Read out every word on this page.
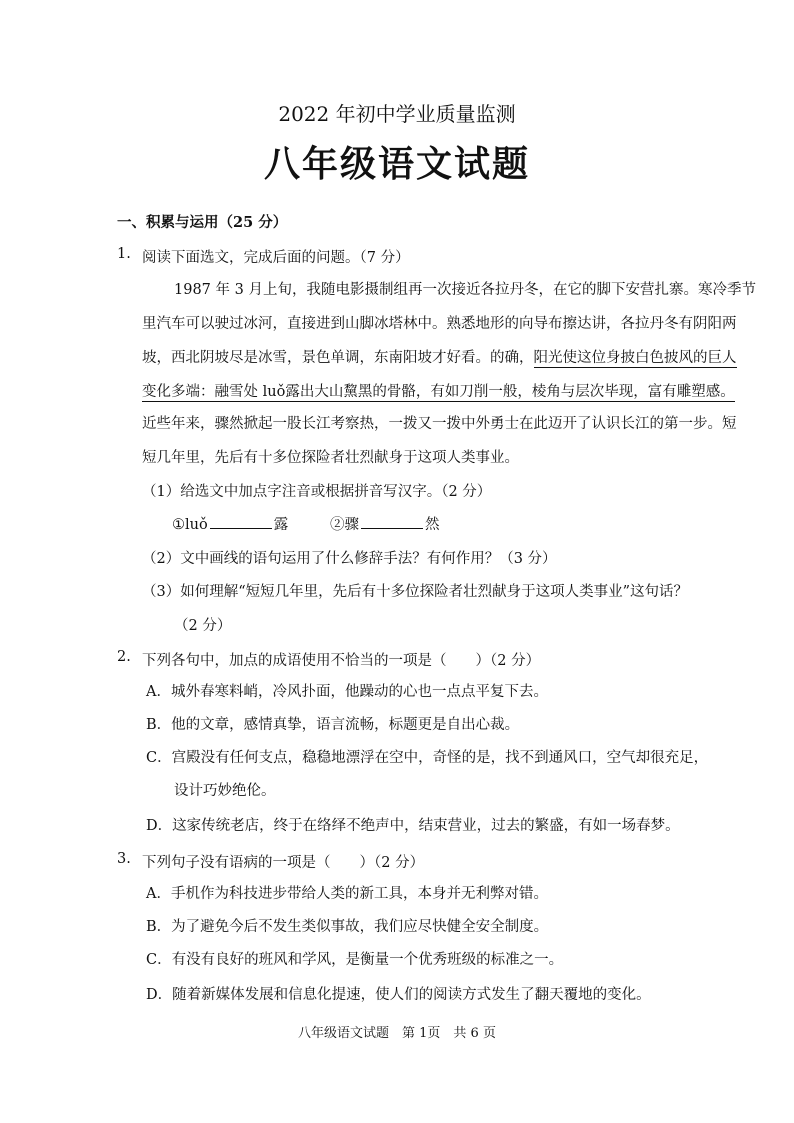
2022 年初中学业质量监测
八年级语文试题
一、积累与运用（25 分）
1. 阅读下面选文，完成后面的问题。（7 分）
1987 年 3 月上旬，我随电影摄制组再一次接近各拉丹冬，在它的脚下安营扎寨。寒冷季节
里汽车可以驶过冰河，直接进到山脚冰塔林中。熟悉地形的向导布擦达讲，各拉丹冬有阴阳两
坡，西北阴坡尽是冰雪，景色单调，东南阳坡才好看。的确，阳光使这位身披白色披风的巨人
变化多端：融雪处 luǒ露出大山黧黑的骨骼，有如刀削一般，棱角与层次毕现，富有雕塑感。
近些年来，骤然掀起一股长江考察热，一拨又一拨中外勇士在此迈开了认识长江的第一步。短
短几年里，先后有十多位探险者壮烈献身于这项人类事业。
（1）给选文中加点字注音或根据拼音写汉字。（2 分）
①luǒ	露	②骤	然
（2）文中画线的语句运用了什么修辞手法？有何作用？（3 分）
（3）如何理解“短短几年里，先后有十多位探险者壮烈献身于这项人类事业”这句话？
（2 分）
2. 下列各句中，加点的成语使用不恰当的一项是（　　）（2 分）
A．城外春寒料峭，冷风扑面，他躁动的心也一点点平复下去。
B．他的文章，感情真挚，语言流畅，标题更是自出心裁。
C．宫殿没有任何支点，稳稳地漂浮在空中，奇怪的是，找不到通风口，空气却很充足，
设计巧妙绝伦。
D．这家传统老店，终于在络绎不绝声中，结束营业，过去的繁盛，有如一场春梦。
3. 下列句子没有语病的一项是（　　）（2 分）
A．手机作为科技进步带给人类的新工具，本身并无利弊对错。
B．为了避免今后不发生类似事故，我们应尽快健全安全制度。
C．有没有良好的班风和学风，是衡量一个优秀班级的标准之一。
D．随着新媒体发展和信息化提速，使人们的阅读方式发生了翻天覆地的变化。
八年级语文试题　第 1页　共 6 页
